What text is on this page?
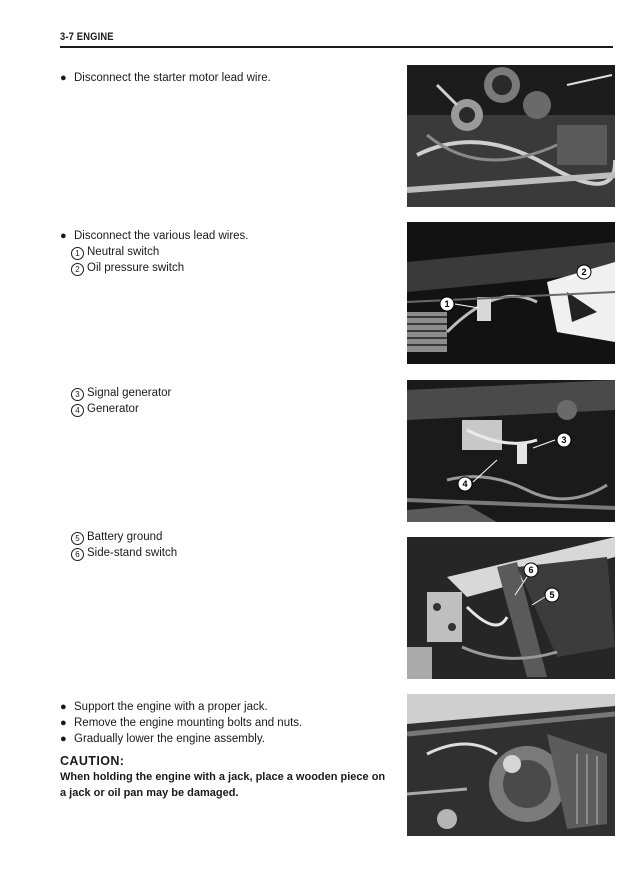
3-7 ENGINE
● Disconnect the starter motor lead wire.
● Disconnect the various lead wires.
1 Neutral switch
2 Oil pressure switch
3 Signal generator
4 Generator
5 Battery ground
6 Side-stand switch
● Support the engine with a proper jack.
● Remove the engine mounting bolts and nuts.
● Gradually lower the engine assembly.
CAUTION:
When holding the engine with a jack, place a wooden piece on a jack or oil pan may be damaged.
1
2
3
4
6
5
